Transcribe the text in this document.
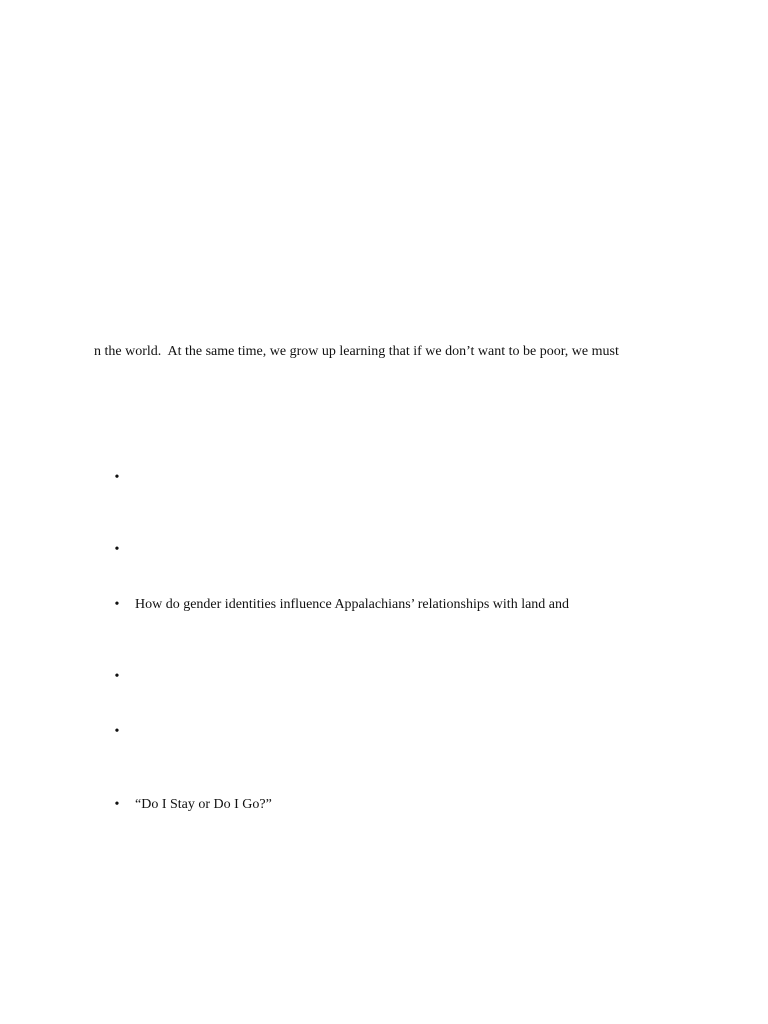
n the world.  At the same time, we grow up learning that if we don’t want to be poor, we must
•
•
• How do gender identities influence Appalachians’ relationships with land and
•
•
• “Do I Stay or Do I Go?”
